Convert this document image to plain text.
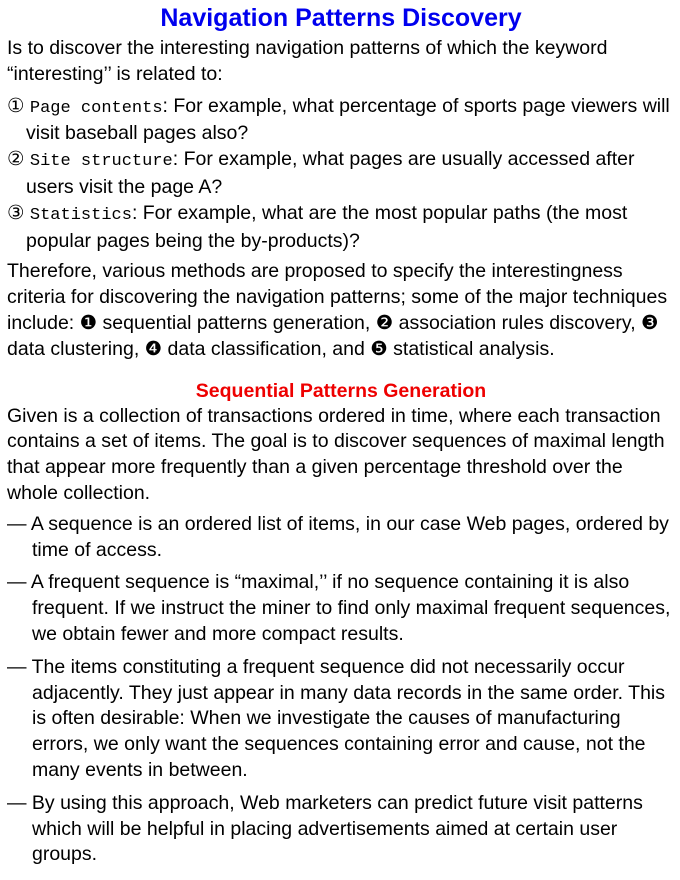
Navigation Patterns Discovery

Is to discover the interesting navigation patterns of which the keyword “interesting’’ is related to:

① Page contents: For example, what percentage of sports page viewers will visit baseball pages also?
② Site structure: For example, what pages are usually accessed after users visit the page A?
③ Statistics: For example, what are the most popular paths (the most popular pages being the by-products)?

Therefore, various methods are proposed to specify the interestingness criteria for discovering the navigation patterns; some of the major techniques include: ❶ sequential patterns generation, ❷ association rules discovery, ❸ data clustering, ❹ data classification, and ❺ statistical analysis.

Sequential Patterns Generation

Given is a collection of transactions ordered in time, where each transaction contains a set of items. The goal is to discover sequences of maximal length that appear more frequently than a given percentage threshold over the whole collection.

— A sequence is an ordered list of items, in our case Web pages, ordered by time of access.

— A frequent sequence is “maximal,’’ if no sequence containing it is also frequent. If we instruct the miner to find only maximal frequent sequences, we obtain fewer and more compact results.

— The items constituting a frequent sequence did not necessarily occur adjacently. They just appear in many data records in the same order. This is often desirable: When we investigate the causes of manufacturing errors, we only want the sequences containing error and cause, not the many events in between.

— By using this approach, Web marketers can predict future visit patterns which will be helpful in placing advertisements aimed at certain user groups.
